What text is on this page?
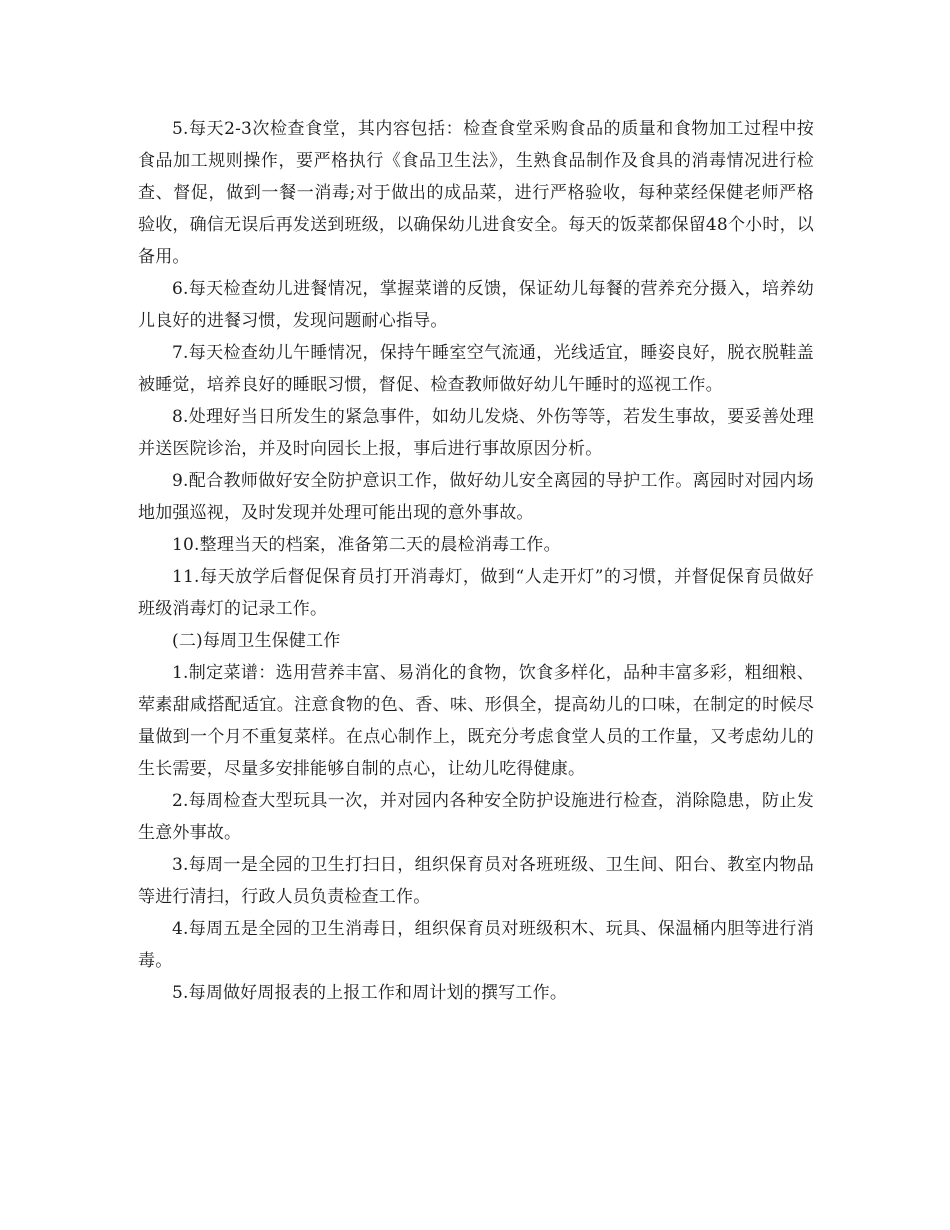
5.每天2-3次检查食堂，其内容包括：检查食堂采购食品的质量和食物加工过程中按食品加工规则操作，要严格执行《食品卫生法》，生熟食品制作及食具的消毒情况进行检查、督促，做到一餐一消毒;对于做出的成品菜，进行严格验收，每种菜经保健老师严格验收，确信无误后再发送到班级，以确保幼儿进食安全。每天的饭菜都保留48个小时，以备用。

6.每天检查幼儿进餐情况，掌握菜谱的反馈，保证幼儿每餐的营养充分摄入，培养幼儿良好的进餐习惯，发现问题耐心指导。

7.每天检查幼儿午睡情况，保持午睡室空气流通，光线适宜，睡姿良好，脱衣脱鞋盖被睡觉，培养良好的睡眠习惯，督促、检查教师做好幼儿午睡时的巡视工作。

8.处理好当日所发生的紧急事件，如幼儿发烧、外伤等等，若发生事故，要妥善处理并送医院诊治，并及时向园长上报，事后进行事故原因分析。

9.配合教师做好安全防护意识工作，做好幼儿安全离园的导护工作。离园时对园内场地加强巡视，及时发现并处理可能出现的意外事故。

10.整理当天的档案，准备第二天的晨检消毒工作。

11.每天放学后督促保育员打开消毒灯，做到“人走开灯”的习惯，并督促保育员做好班级消毒灯的记录工作。

(二)每周卫生保健工作

1.制定菜谱：选用营养丰富、易消化的食物，饮食多样化，品种丰富多彩，粗细粮、荤素甜咸搭配适宜。注意食物的色、香、味、形俱全，提高幼儿的口味，在制定的时候尽量做到一个月不重复菜样。在点心制作上，既充分考虑食堂人员的工作量，又考虑幼儿的生长需要，尽量多安排能够自制的点心，让幼儿吃得健康。

2.每周检查大型玩具一次，并对园内各种安全防护设施进行检查，消除隐患，防止发生意外事故。

3.每周一是全园的卫生打扫日，组织保育员对各班班级、卫生间、阳台、教室内物品等进行清扫，行政人员负责检查工作。

4.每周五是全园的卫生消毒日，组织保育员对班级积木、玩具、保温桶内胆等进行消毒。

5.每周做好周报表的上报工作和周计划的撰写工作。
